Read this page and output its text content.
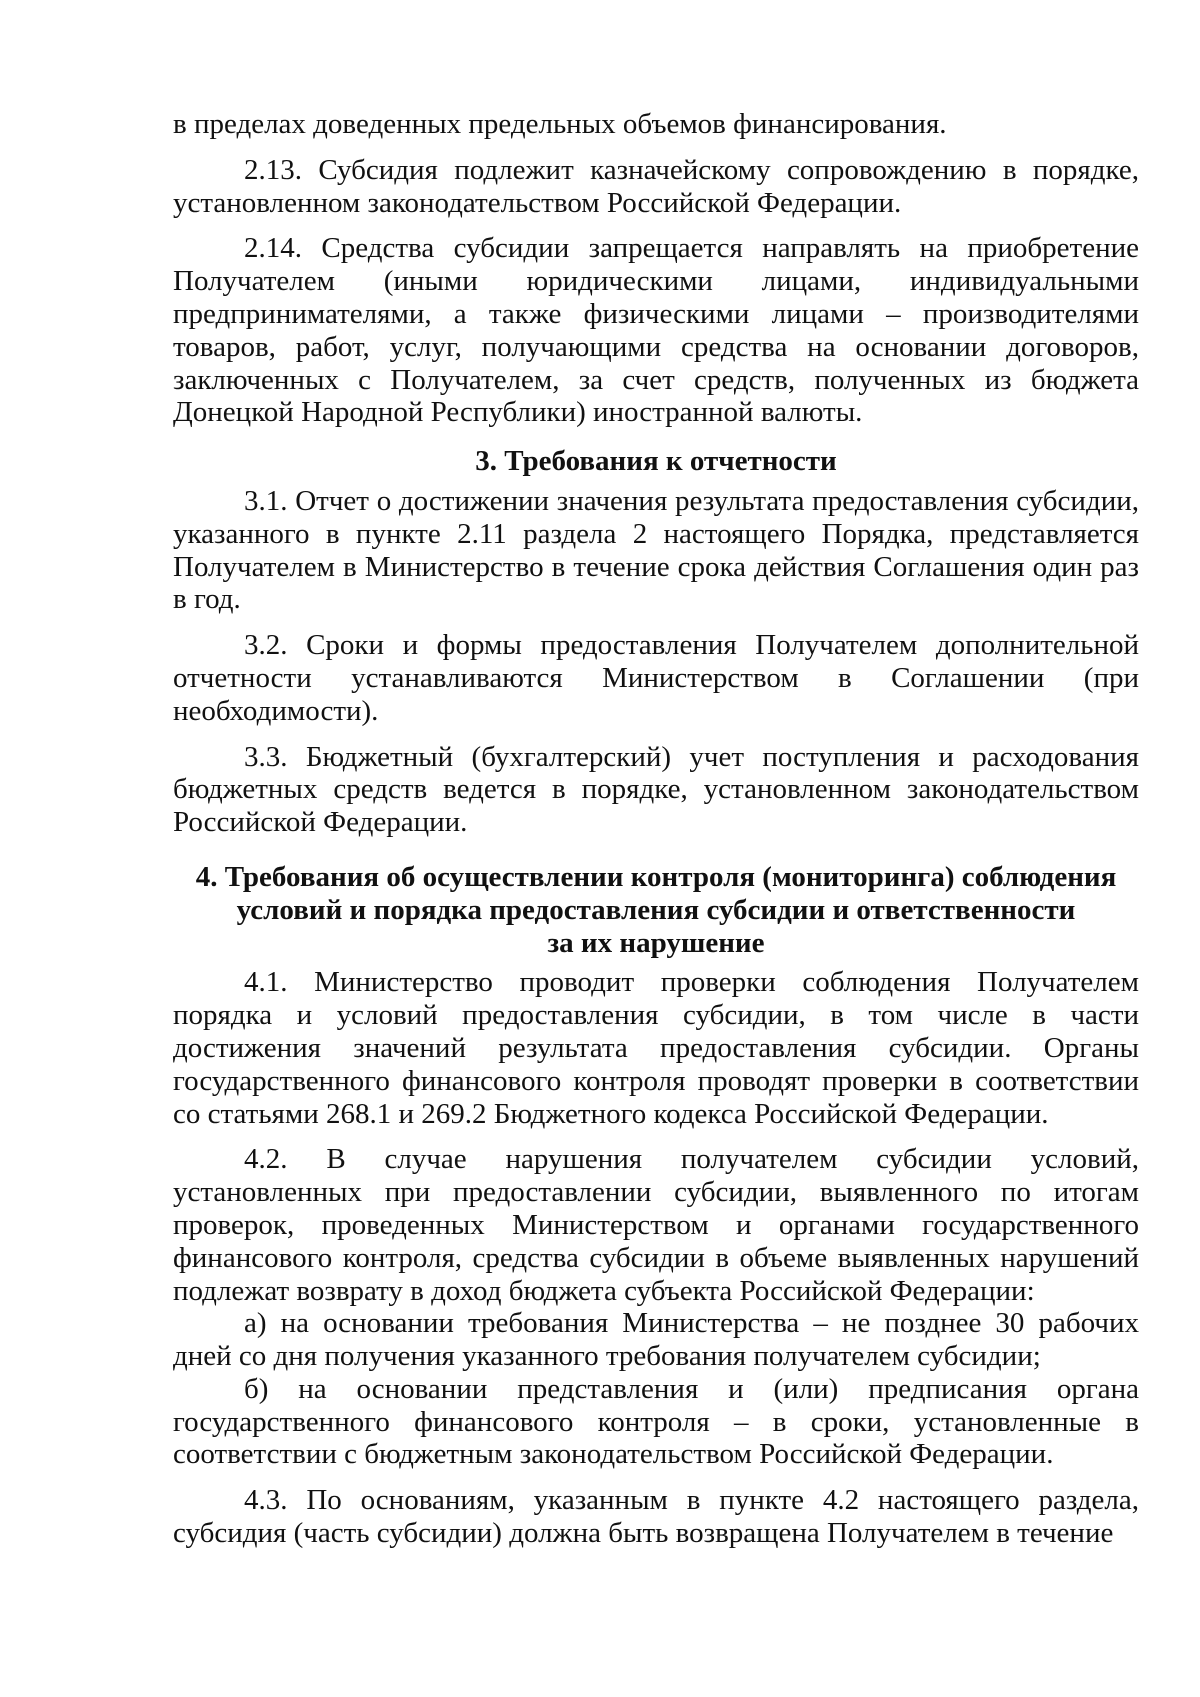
в пределах доведенных предельных объемов финансирования.

2.13. Субсидия подлежит казначейскому сопровождению в порядке, установленном законодательством Российской Федерации.

2.14. Средства субсидии запрещается направлять на приобретение Получателем (иными юридическими лицами, индивидуальными предпринимателями, а также физическими лицами – производителями товаров, работ, услуг, получающими средства на основании договоров, заключенных с Получателем, за счет средств, полученных из бюджета Донецкой Народной Республики) иностранной валюты.

3. Требования к отчетности

3.1. Отчет о достижении значения результата предоставления субсидии, указанного в пункте 2.11 раздела 2 настоящего Порядка, представляется Получателем в Министерство в течение срока действия Соглашения один раз в год.

3.2. Сроки и формы предоставления Получателем дополнительной отчетности устанавливаются Министерством в Соглашении (при необходимости).

3.3. Бюджетный (бухгалтерский) учет поступления и расходования бюджетных средств ведется в порядке, установленном законодательством Российской Федерации.

4. Требования об осуществлении контроля (мониторинга) соблюдения
условий и порядка предоставления субсидии и ответственности
за их нарушение

4.1. Министерство проводит проверки соблюдения Получателем порядка и условий предоставления субсидии, в том числе в части достижения значений результата предоставления субсидии. Органы государственного финансового контроля проводят проверки в соответствии со статьями 268.1 и 269.2 Бюджетного кодекса Российской Федерации.

4.2. В случае нарушения получателем субсидии условий, установленных при предоставлении субсидии, выявленного по итогам проверок, проведенных Министерством и органами государственного финансового контроля, средства субсидии в объеме выявленных нарушений подлежат возврату в доход бюджета субъекта Российской Федерации:

а) на основании требования Министерства – не позднее 30 рабочих дней со дня получения указанного требования получателем субсидии;

б) на основании представления и (или) предписания органа государственного финансового контроля – в сроки, установленные в соответствии с бюджетным законодательством Российской Федерации.

4.3. По основаниям, указанным в пункте 4.2 настоящего раздела, субсидия (часть субсидии) должна быть возвращена Получателем в течение
